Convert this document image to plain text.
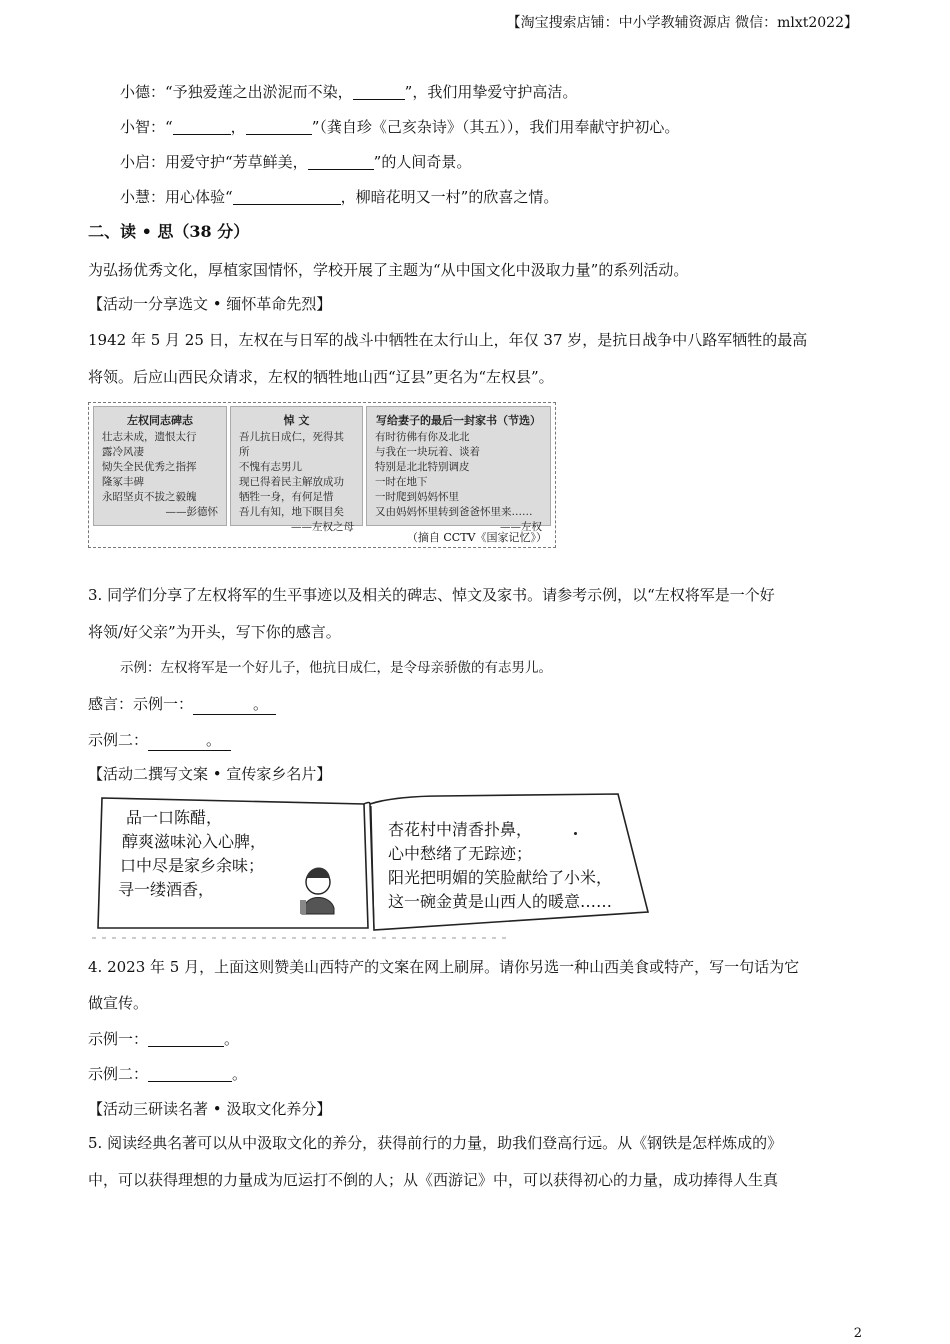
【淘宝搜索店铺：中小学教辅资源店 微信：mlxt2022】
小德：“予独爱莲之出淤泥而不染，	”，我们用挚爱守护高洁。
小智：“	，	”（龚自珍《己亥杂诗》（其五）），我们用奉献守护初心。
小启：用爱守护“芳草鲜美，	”的人间奇景。
小慧：用心体验“	，柳暗花明又一村”的欣喜之情。
二、读 • 思（38 分）
为弘扬优秀文化，厚植家国情怀，学校开展了主题为“从中国文化中汲取力量”的系列活动。
【活动一分享选文 • 缅怀革命先烈】
1942 年 5 月 25 日，左权在与日军的战斗中牺牲在太行山上，年仅 37 岁，是抗日战争中八路军牺牲的最高
将领。后应山西民众请求，左权的牺牲地山西“辽县”更名为“左权县”。
左权同志碑志
壮志未成，遗恨太行
露冷风凄
恸失全民优秀之指挥
隆冢丰碑
永昭坚贞不拔之毅魄
——彭德怀
悼 文
吾儿抗日成仁，死得其所
不愧有志男儿
现已得着民主解放成功
牺牲一身，有何足惜
吾儿有知，地下瞑目矣
——左权之母
写给妻子的最后一封家书（节选）
有时彷佛有你及北北
与我在一块玩着、谈着
特别是北北特别调皮
一时在地下
一时爬到妈妈怀里
又由妈妈怀里转到爸爸怀里来……
——左权
（摘自 CCTV《国家记忆》）
3. 同学们分享了左权将军的生平事迹以及相关的碑志、悼文及家书。请参考示例，以“左权将军是一个好
将领/好父亲”为开头，写下你的感言。
示例：左权将军是一个好儿子，他抗日成仁，是令母亲骄傲的有志男儿。
感言：示例一：	。
示例二：	。
【活动二撰写文案 • 宣传家乡名片】
品一口陈醋，
醇爽滋味沁入心脾，
口中尽是家乡余味；
寻一缕酒香，
杏花村中清香扑鼻，
心中愁绪了无踪迹；
阳光把明媚的笑脸献给了小米，
这一碗金黄是山西人的暖意……
4. 2023 年 5 月，上面这则赞美山西特产的文案在网上刷屏。请你另选一种山西美食或特产，写一句话为它
做宣传。
示例一：	。
示例二：	。
【活动三研读名著 • 汲取文化养分】
5. 阅读经典名著可以从中汲取文化的养分，获得前行的力量，助我们登高行远。从《钢铁是怎样炼成的》
中，可以获得理想的力量成为厄运打不倒的人；从《西游记》中，可以获得初心的力量，成功捧得人生真
2
